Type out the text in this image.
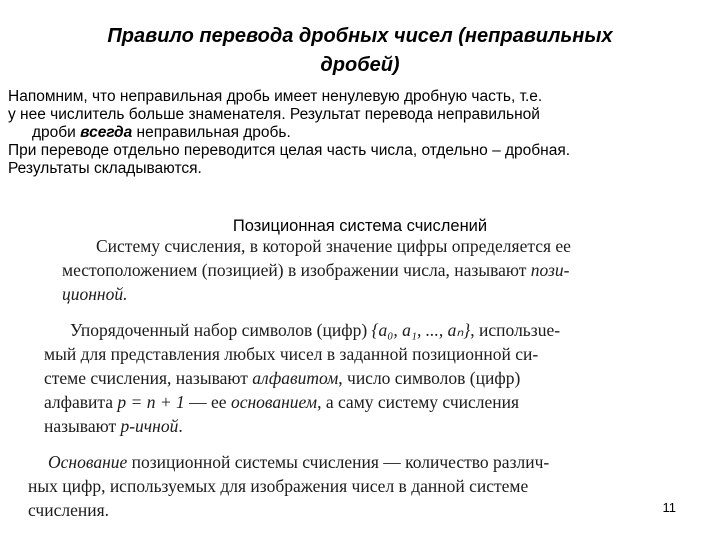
Правило перевода дробных чисел (неправильных
дробей)
Напомним, что неправильная дробь имеет ненулевую дробную часть, т.е.
у нее числитель больше знаменателя. Результат перевода неправильной
дроби всегда неправильная дробь.
При переводе отдельно переводится целая часть числа, отдельно – дробная.
Результаты складываются.
Позиционная система счислений
Систему счисления, в которой значение цифры определяется ее
местоположением (позицией) в изображении числа, называют пози-
ционной.
Упорядоченный набор символов (цифр) {a₀, a₁, ..., aₙ}, использue-
мый для представления любых чисел в заданной позиционной си-
стеме счисления, называют алфавитом, число символов (цифр)
алфавита p = n + 1 — ее основанием, а саму систему счисления
называют p-ичной.
Основание позиционной системы счисления — количество различ-
ных цифр, используемых для изображения чисел в данной системе
счисления.	11
